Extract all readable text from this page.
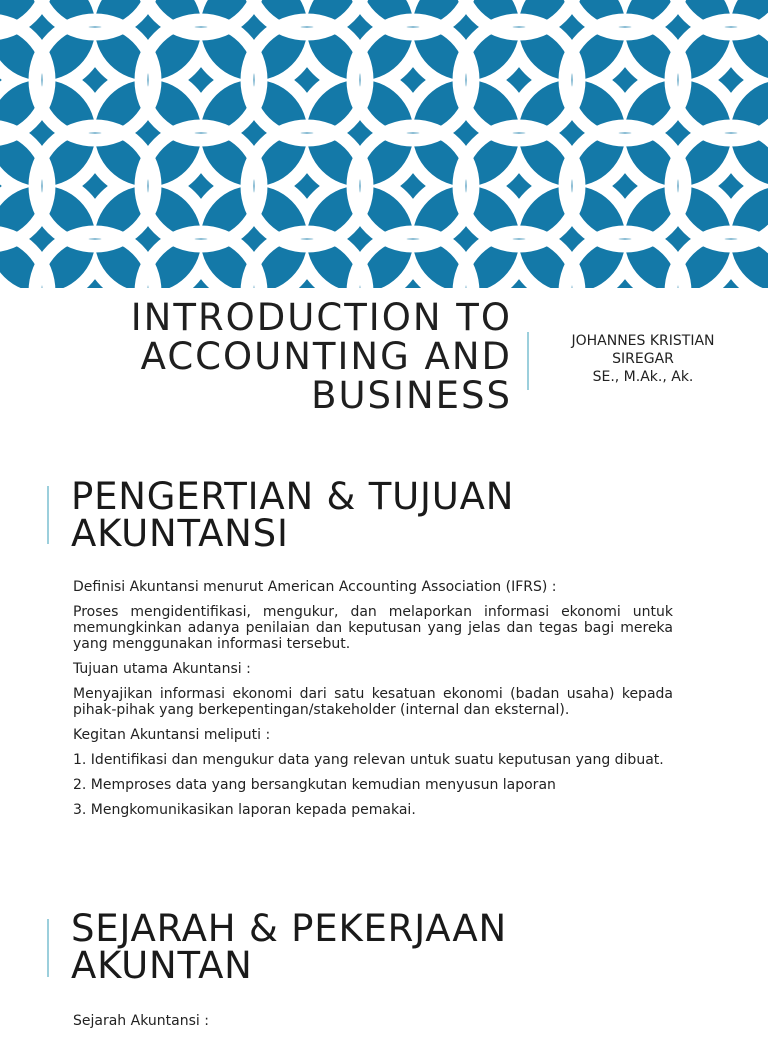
INTRODUCTION TO
ACCOUNTING AND
BUSINESS
JOHANNES KRISTIAN
SIREGAR
SE., M.Ak., Ak.
PENGERTIAN & TUJUAN
AKUNTANSI

Definisi Akuntansi menurut American Accounting Association (IFRS) :

Proses mengidentifikasi, mengukur, dan melaporkan informasi ekonomi untuk memungkinkan adanya penilaian dan keputusan yang jelas dan tegas bagi mereka yang menggunakan informasi tersebut.

Tujuan utama Akuntansi :

Menyajikan informasi ekonomi dari satu kesatuan ekonomi (badan usaha) kepada pihak-pihak yang berkepentingan/stakeholder (internal dan eksternal).

Kegitan Akuntansi meliputi :

1. Identifikasi dan mengukur data yang relevan untuk suatu keputusan yang dibuat.

2. Memproses data yang bersangkutan kemudian menyusun laporan

3. Mengkomunikasikan laporan kepada pemakai.

SEJARAH & PEKERJAAN
AKUNTAN

Sejarah Akuntansi :
